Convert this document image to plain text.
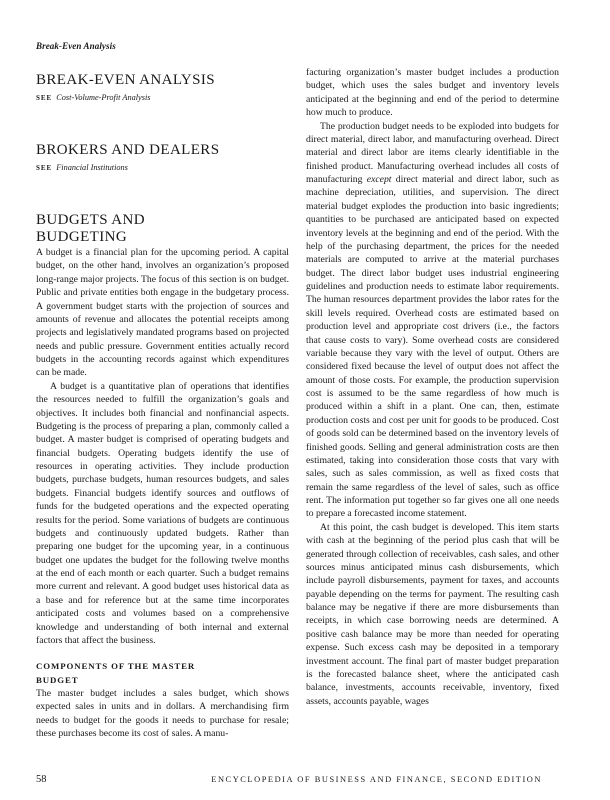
Break-Even Analysis
BREAK-EVEN ANALYSIS
SEE Cost-Volume-Profit Analysis
BROKERS AND DEALERS
SEE Financial Institutions
BUDGETS AND
BUDGETING

A budget is a financial plan for the upcoming period. A capital budget, on the other hand, involves an organization’s proposed long-range major projects. The focus of this section is on budget. Public and private entities both engage in the budgetary process. A government budget starts with the projection of sources and amounts of revenue and allocates the potential receipts among projects and legislatively mandated programs based on projected needs and public pressure. Government entities actually record budgets in the accounting records against which expenditures can be made.

A budget is a quantitative plan of operations that identifies the resources needed to fulfill the organization’s goals and objectives. It includes both financial and nonfinancial aspects. Budgeting is the process of preparing a plan, commonly called a budget. A master budget is comprised of operating budgets and financial budgets. Operating budgets identify the use of resources in operating activities. They include production budgets, purchase budgets, human resources budgets, and sales budgets. Financial budgets identify sources and outflows of funds for the budgeted operations and the expected operating results for the period. Some variations of budgets are continuous budgets and continuously updated budgets. Rather than preparing one budget for the upcoming year, in a continuous budget one updates the budget for the following twelve months at the end of each month or each quarter. Such a budget remains more current and relevant. A good budget uses historical data as a base and for reference but at the same time incorporates anticipated costs and volumes based on a comprehensive knowledge and understanding of both internal and external factors that affect the business.

COMPONENTS OF THE MASTER
BUDGET

The master budget includes a sales budget, which shows expected sales in units and in dollars. A merchandising firm needs to budget for the goods it needs to purchase for resale; these purchases become its cost of sales. A manu-

facturing organization’s master budget includes a production budget, which uses the sales budget and inventory levels anticipated at the beginning and end of the period to determine how much to produce.

The production budget needs to be exploded into budgets for direct material, direct labor, and manufacturing overhead. Direct material and direct labor are items clearly identifiable in the finished product. Manufacturing overhead includes all costs of manufacturing except direct material and direct labor, such as machine depreciation, utilities, and supervision. The direct material budget explodes the production into basic ingredients; quantities to be purchased are anticipated based on expected inventory levels at the beginning and end of the period. With the help of the purchasing department, the prices for the needed materials are computed to arrive at the material purchases budget. The direct labor budget uses industrial engineering guidelines and production needs to estimate labor requirements. The human resources department provides the labor rates for the skill levels required. Overhead costs are estimated based on production level and appropriate cost drivers (i.e., the factors that cause costs to vary). Some overhead costs are considered variable because they vary with the level of output. Others are considered fixed because the level of output does not affect the amount of those costs. For example, the production supervision cost is assumed to be the same regardless of how much is produced within a shift in a plant. One can, then, estimate production costs and cost per unit for goods to be produced. Cost of goods sold can be determined based on the inventory levels of finished goods. Selling and general administration costs are then estimated, taking into consideration those costs that vary with sales, such as sales commission, as well as fixed costs that remain the same regardless of the level of sales, such as office rent. The information put together so far gives one all one needs to prepare a forecasted income statement.

At this point, the cash budget is developed. This item starts with cash at the beginning of the period plus cash that will be generated through collection of receivables, cash sales, and other sources minus anticipated minus cash disbursements, which include payroll disbursements, payment for taxes, and accounts payable depending on the terms for payment. The resulting cash balance may be negative if there are more disbursements than receipts, in which case borrowing needs are determined. A positive cash balance may be more than needed for operating expense. Such excess cash may be deposited in a temporary investment account. The final part of master budget preparation is the forecasted balance sheet, where the anticipated cash balance, investments, accounts receivable, inventory, fixed assets, accounts payable, wages

58	ENCYCLOPEDIA OF BUSINESS AND FINANCE, SECOND EDITION
